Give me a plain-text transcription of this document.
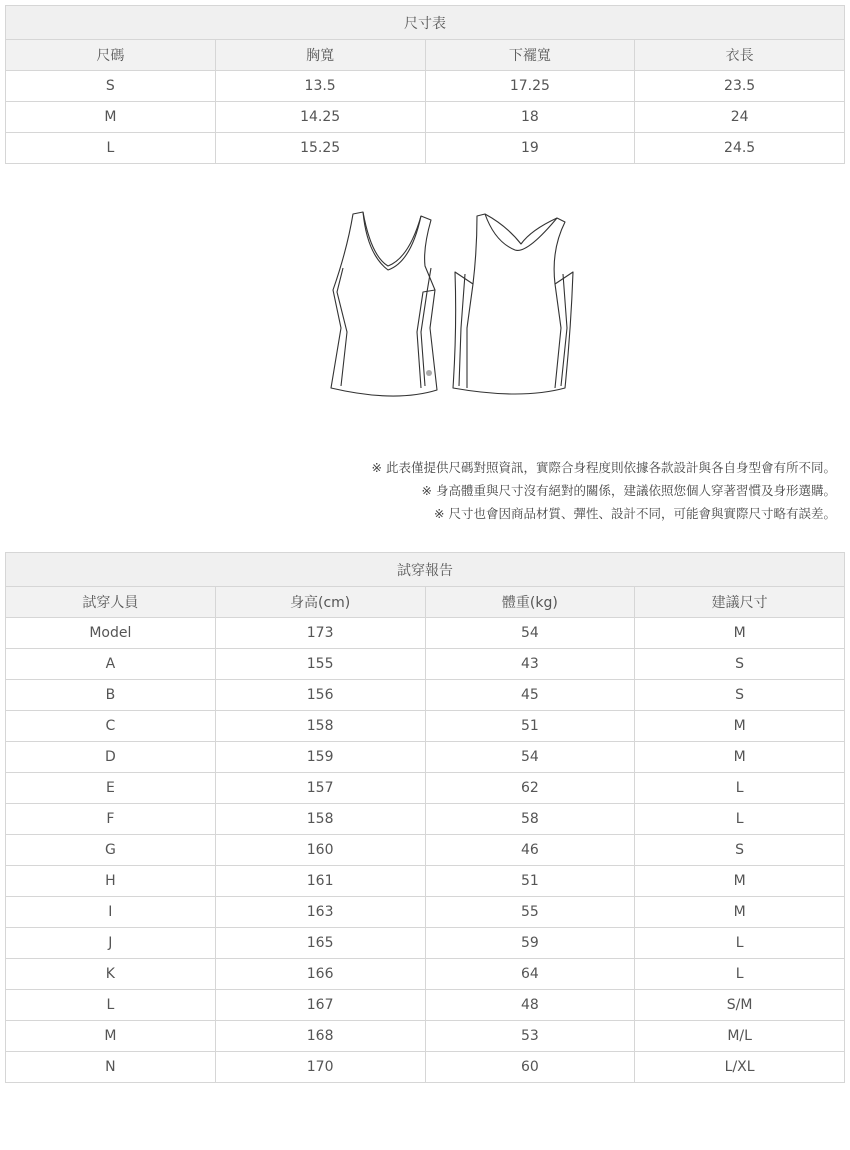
尺寸表			
尺碼	胸寬	下襬寬	衣長
S	13.5	17.25	23.5
M	14.25	18	24
L	15.25	19	24.5
※ 此表僅提供尺碼對照資訊，實際合身程度則依據各款設計與各自身型會有所不同。
※ 身高體重與尺寸沒有絕對的關係，建議依照您個人穿著習慣及身形選購。
※ 尺寸也會因商品材質、彈性、設計不同，可能會與實際尺寸略有誤差。
試穿報告			
試穿人員	身高(cm)	體重(kg)	建議尺寸
Model	173	54	M
A	155	43	S
B	156	45	S
C	158	51	M
D	159	54	M
E	157	62	L
F	158	58	L
G	160	46	S
H	161	51	M
I	163	55	M
J	165	59	L
K	166	64	L
L	167	48	S/M
M	168	53	M/L
N	170	60	L/XL
